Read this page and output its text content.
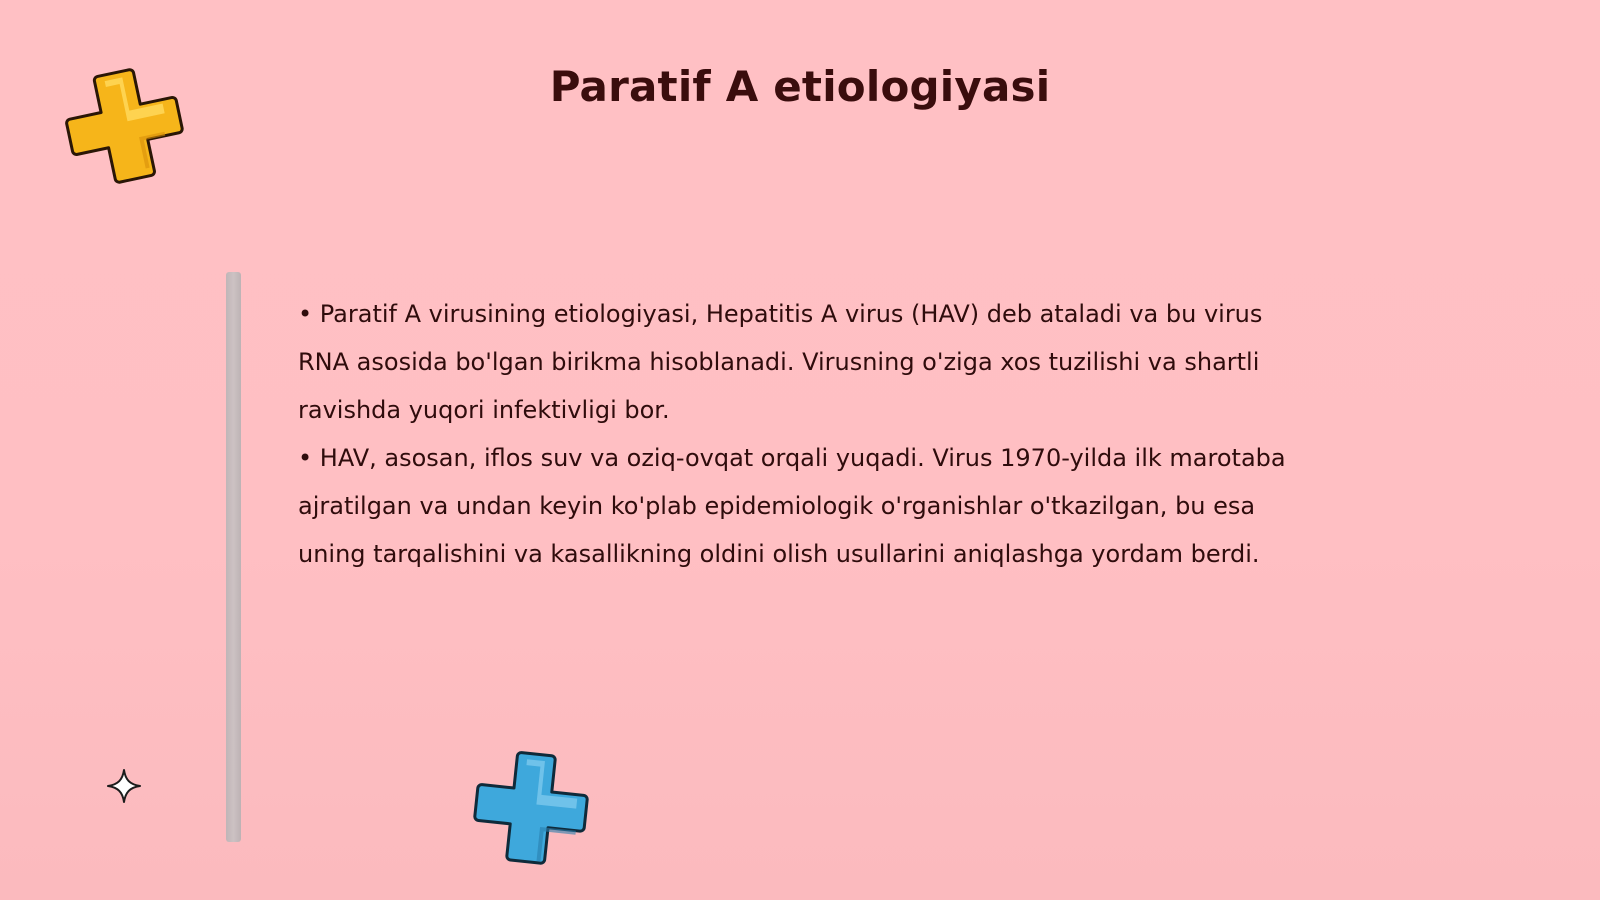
Paratif A etiologiyasi

• Paratif A virusining etiologiyasi, Hepatitis A virus (HAV) deb ataladi va bu virus RNA asosida bo'lgan birikma hisoblanadi. Virusning o'ziga xos tuzilishi va shartli ravishda yuqori infektivligi bor.

• HAV, asosan, iflos suv va oziq-ovqat orqali yuqadi. Virus 1970-yilda ilk marotaba ajratilgan va undan keyin ko'plab epidemiologik o'rganishlar o'tkazilgan, bu esa uning tarqalishini va kasallikning oldini olish usullarini aniqlashga yordam berdi.
